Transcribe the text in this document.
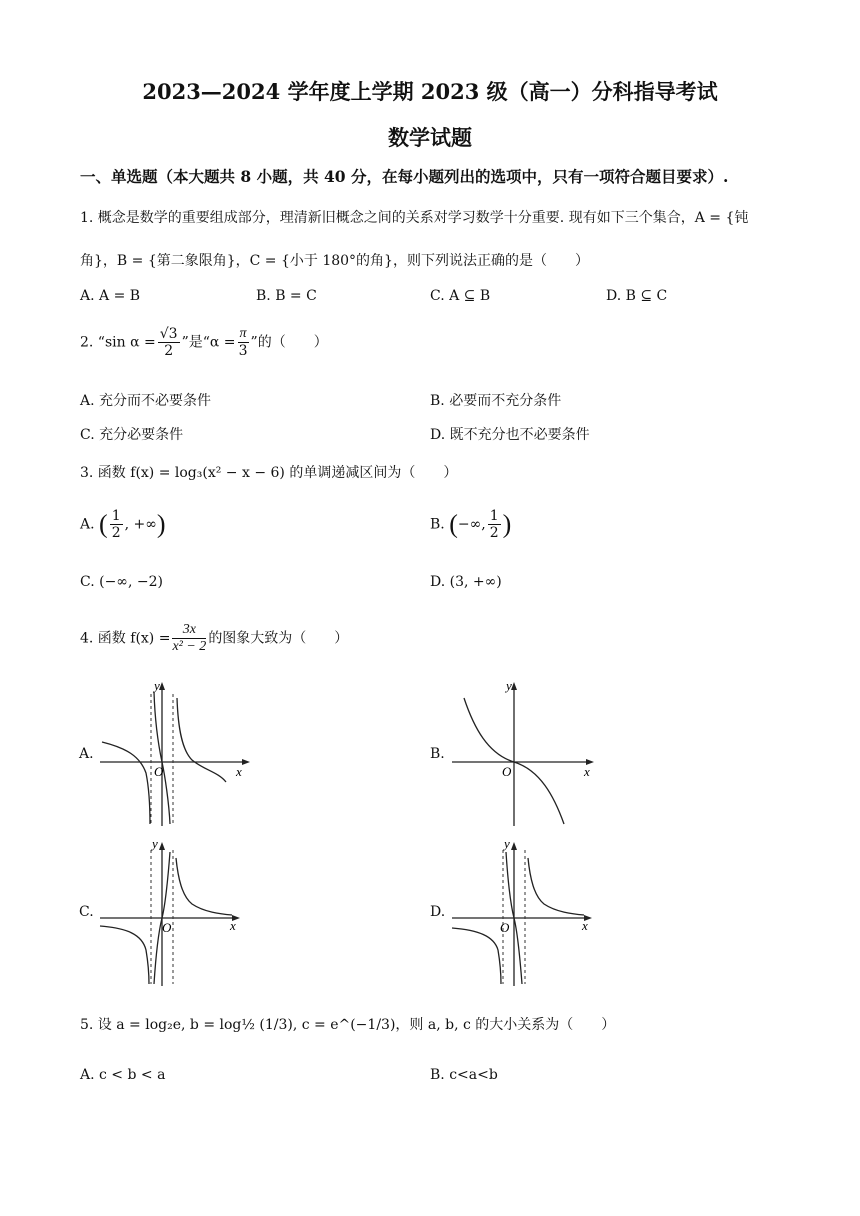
2023—2024 学年度上学期 2023 级（高一）分科指导考试
数学试题
一、单选题（本大题共 8 小题，共 40 分，在每小题列出的选项中，只有一项符合题目要求）.
1. 概念是数学的重要组成部分，理清新旧概念之间的关系对学习数学十分重要. 现有如下三个集合，A = {钝
角}，B = {第二象限角}，C = {小于 180°的角}，则下列说法正确的是（　　）
A. A = B	B. B = C	C. A ⊆ B	D. B ⊆ C
2. “sin $\alpha = \frac{√3}{2}$ ”是“$\alpha = \frac{\pi}{3}$ ”的（　　）
A. 充分而不必要条件	B. 必要而不充分条件
C. 充分必要条件	D. 既不充分也不必要条件
3. 函数 f(x) = log₃(x² − x − 6) 的单调递减区间为（　　）
A. ( $\frac{1}{2}$ , +∞)	B. (−∞, $\frac{1}{2}$ )
C. (−∞, −2)	D. (3, +∞)
4. 函数 $f(x) = \frac{3x}{\text{x² − 2}}$ 的图象大致为（　　）
A.	B.
C.	D.
O	x
y
O	x
y
O	x
y
O	x
y
5. 设 a = log₂e, b = log½ (1/3), c = e^(−1/3)，则 a, b, c 的大小关系为（　　）
A. c < b < a	B. c<a<b
